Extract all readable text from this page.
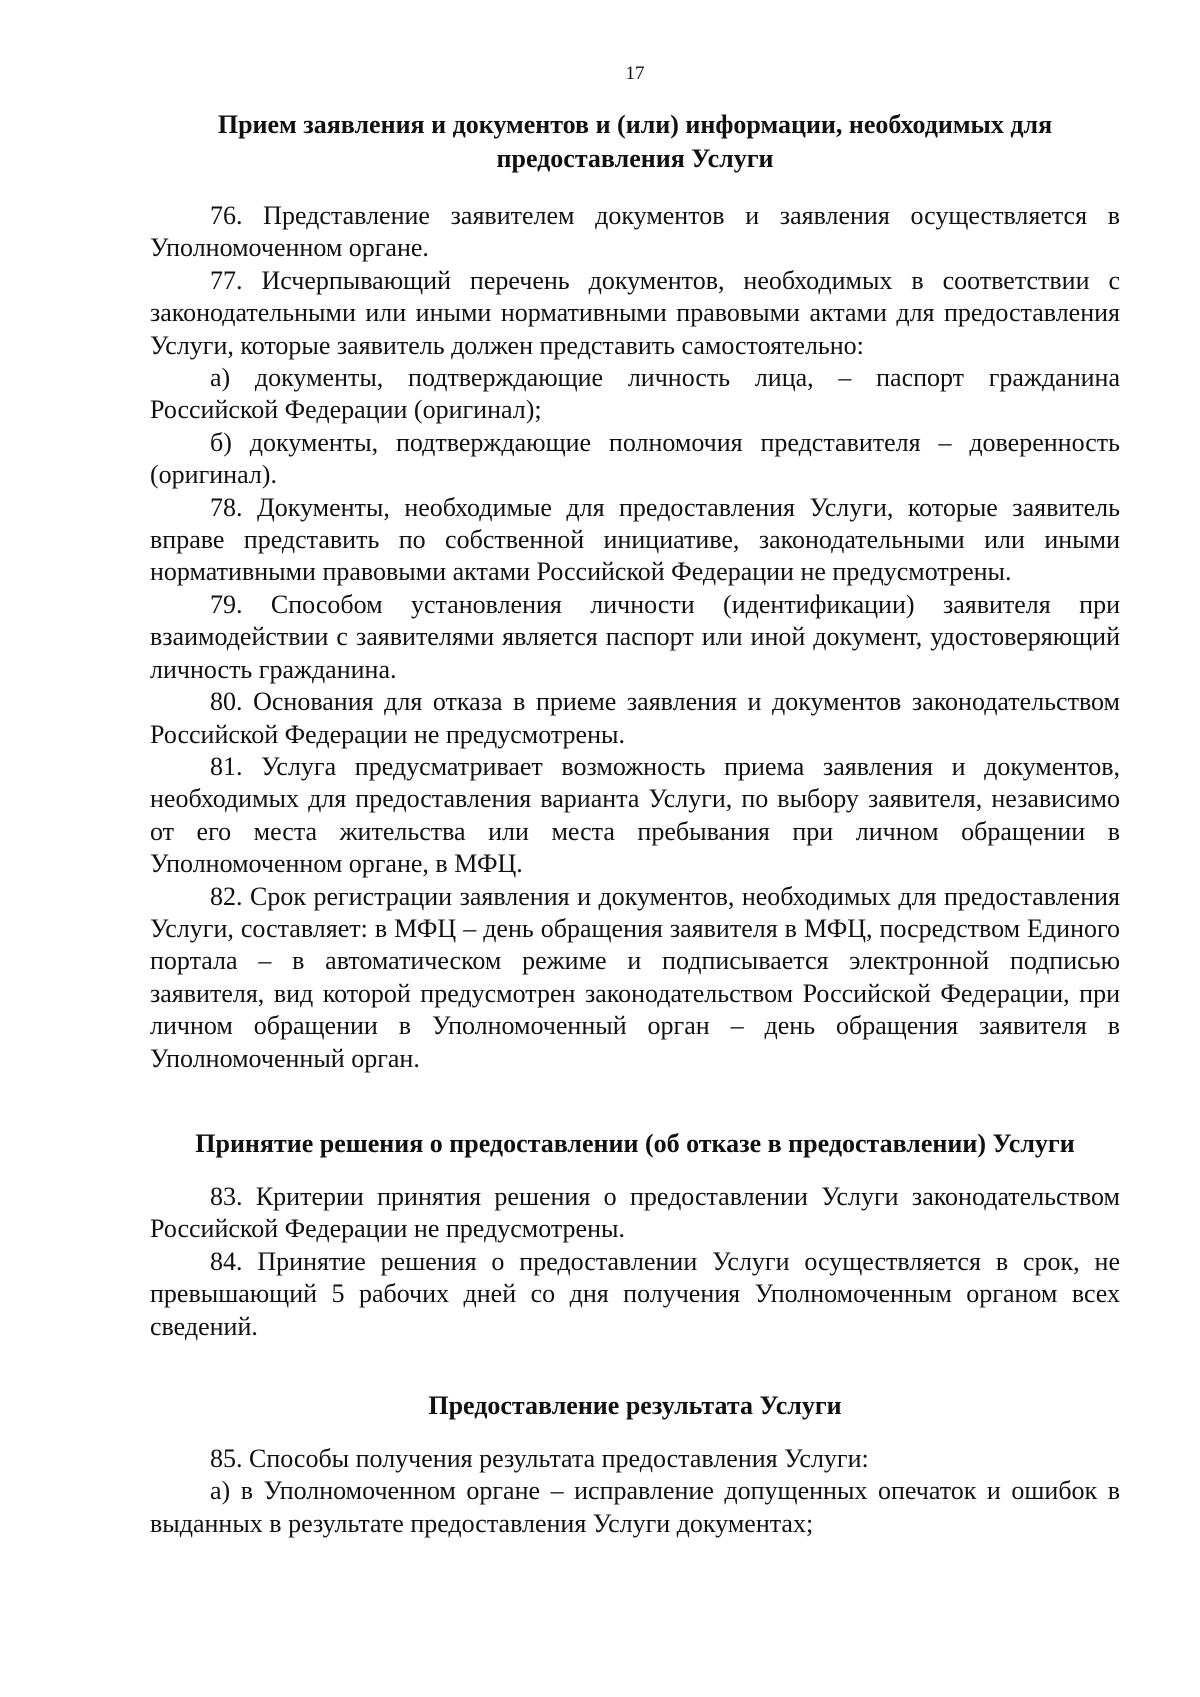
17
Прием заявления и документов и (или) информации, необходимых для предоставления Услуги

76. Представление заявителем документов и заявления осуществляется в Уполномоченном органе.

77. Исчерпывающий перечень документов, необходимых в соответствии с законодательными или иными нормативными правовыми актами для предоставления Услуги, которые заявитель должен представить самостоятельно:

а) документы, подтверждающие личность лица, – паспорт гражданина Российской Федерации (оригинал);

б) документы, подтверждающие полномочия представителя – доверенность (оригинал).

78. Документы, необходимые для предоставления Услуги, которые заявитель вправе представить по собственной инициативе, законодательными или иными нормативными правовыми актами Российской Федерации не предусмотрены.

79. Способом установления личности (идентификации) заявителя при взаимодействии с заявителями является паспорт или иной документ, удостоверяющий личность гражданина.

80. Основания для отказа в приеме заявления и документов законодательством Российской Федерации не предусмотрены.

81. Услуга предусматривает возможность приема заявления и документов, необходимых для предоставления варианта Услуги, по выбору заявителя, независимо от его места жительства или места пребывания при личном обращении в Уполномоченном органе, в МФЦ.

82. Срок регистрации заявления и документов, необходимых для предоставления Услуги, составляет: в МФЦ – день обращения заявителя в МФЦ, посредством Единого портала – в автоматическом режиме и подписывается электронной подписью заявителя, вид которой предусмотрен законодательством Российской Федерации, при личном обращении в Уполномоченный орган – день обращения заявителя в Уполномоченный орган.

Принятие решения о предоставлении (об отказе в предоставлении) Услуги

83. Критерии принятия решения о предоставлении Услуги законодательством Российской Федерации не предусмотрены.

84. Принятие решения о предоставлении Услуги осуществляется в срок, не превышающий 5 рабочих дней со дня получения Уполномоченным органом всех сведений.

Предоставление результата Услуги

85. Способы получения результата предоставления Услуги:

а) в Уполномоченном органе – исправление допущенных опечаток и ошибок в выданных в результате предоставления Услуги документах;
